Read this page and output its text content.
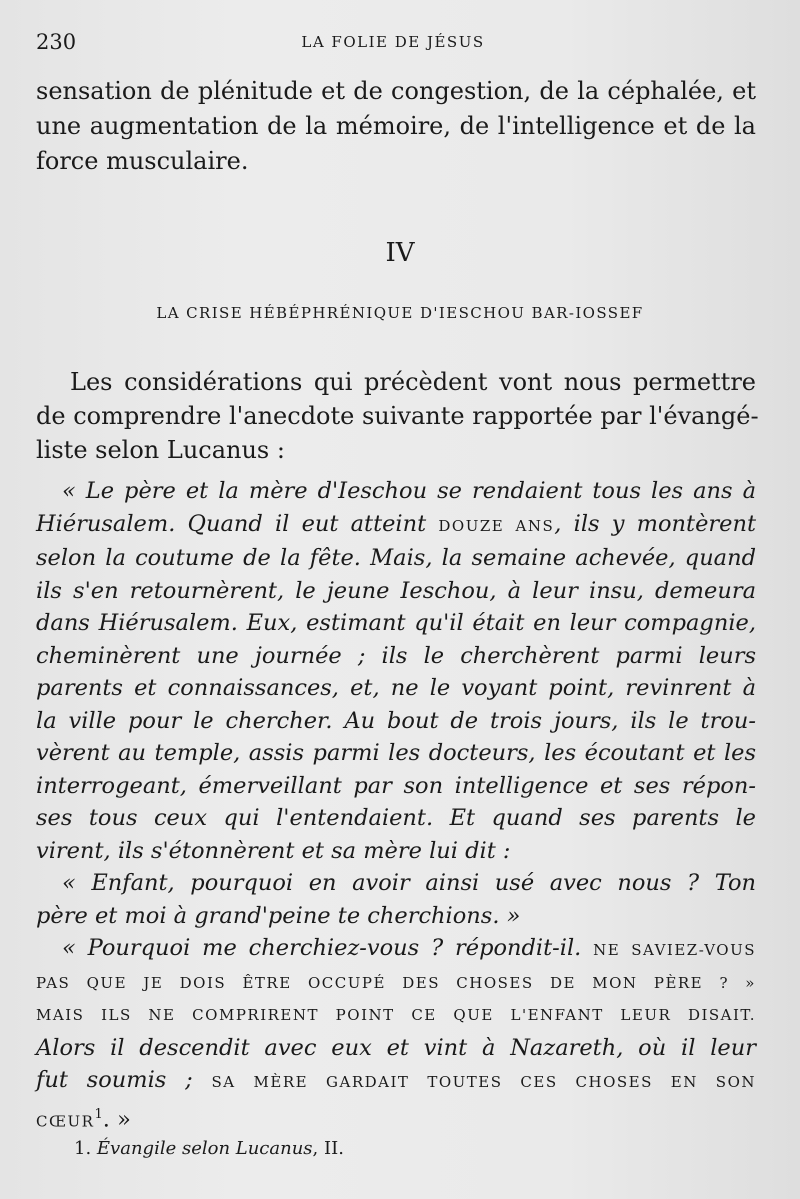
230	LA FOLIE DE JÉSUS
sensation de plénitude et de congestion, de la céphalée, et
une augmentation de la mémoire, de l'intelligence et de la
force musculaire.
IV
LA CRISE HÉBÉPHRÉNIQUE D'IESCHOU BAR-IOSSEF
Les considérations qui précèdent vont nous permettre
de comprendre l'anecdote suivante rapportée par l'évangé-
liste selon Lucanus :
« Le père et la mère d'Ieschou se rendaient tous les ans à
Hiérusalem. Quand il eut atteint DOUZE ANS, ils y montèrent
selon la coutume de la fête. Mais, la semaine achevée, quand
ils s'en retournèrent, le jeune Ieschou, à leur insu, demeura
dans Hiérusalem. Eux, estimant qu'il était en leur compagnie,
cheminèrent une journée ; ils le cherchèrent parmi leurs
parents et connaissances, et, ne le voyant point, revinrent à
la ville pour le chercher. Au bout de trois jours, ils le trou-
vèrent au temple, assis parmi les docteurs, les écoutant et les
interrogeant, émerveillant par son intelligence et ses répon-
ses tous ceux qui l'entendaient. Et quand ses parents le
virent, ils s'étonnèrent et sa mère lui dit :
« Enfant, pourquoi en avoir ainsi usé avec nous ? Ton
père et moi à grand'peine te cherchions. »
« Pourquoi me cherchiez-vous ? répondit-il. NE SAVIEZ-VOUS
PAS QUE JE DOIS ÊTRE OCCUPÉ DES CHOSES DE MON PÈRE ? »
MAIS ILS NE COMPRIRENT POINT CE QUE L'ENFANT LEUR DISAIT.
Alors il descendit avec eux et vint à Nazareth, où il leur
fut soumis ; SA MÈRE GARDAIT TOUTES CES CHOSES EN SON
CŒUR$^1$. »
1. Évangile selon Lucanus, II.
